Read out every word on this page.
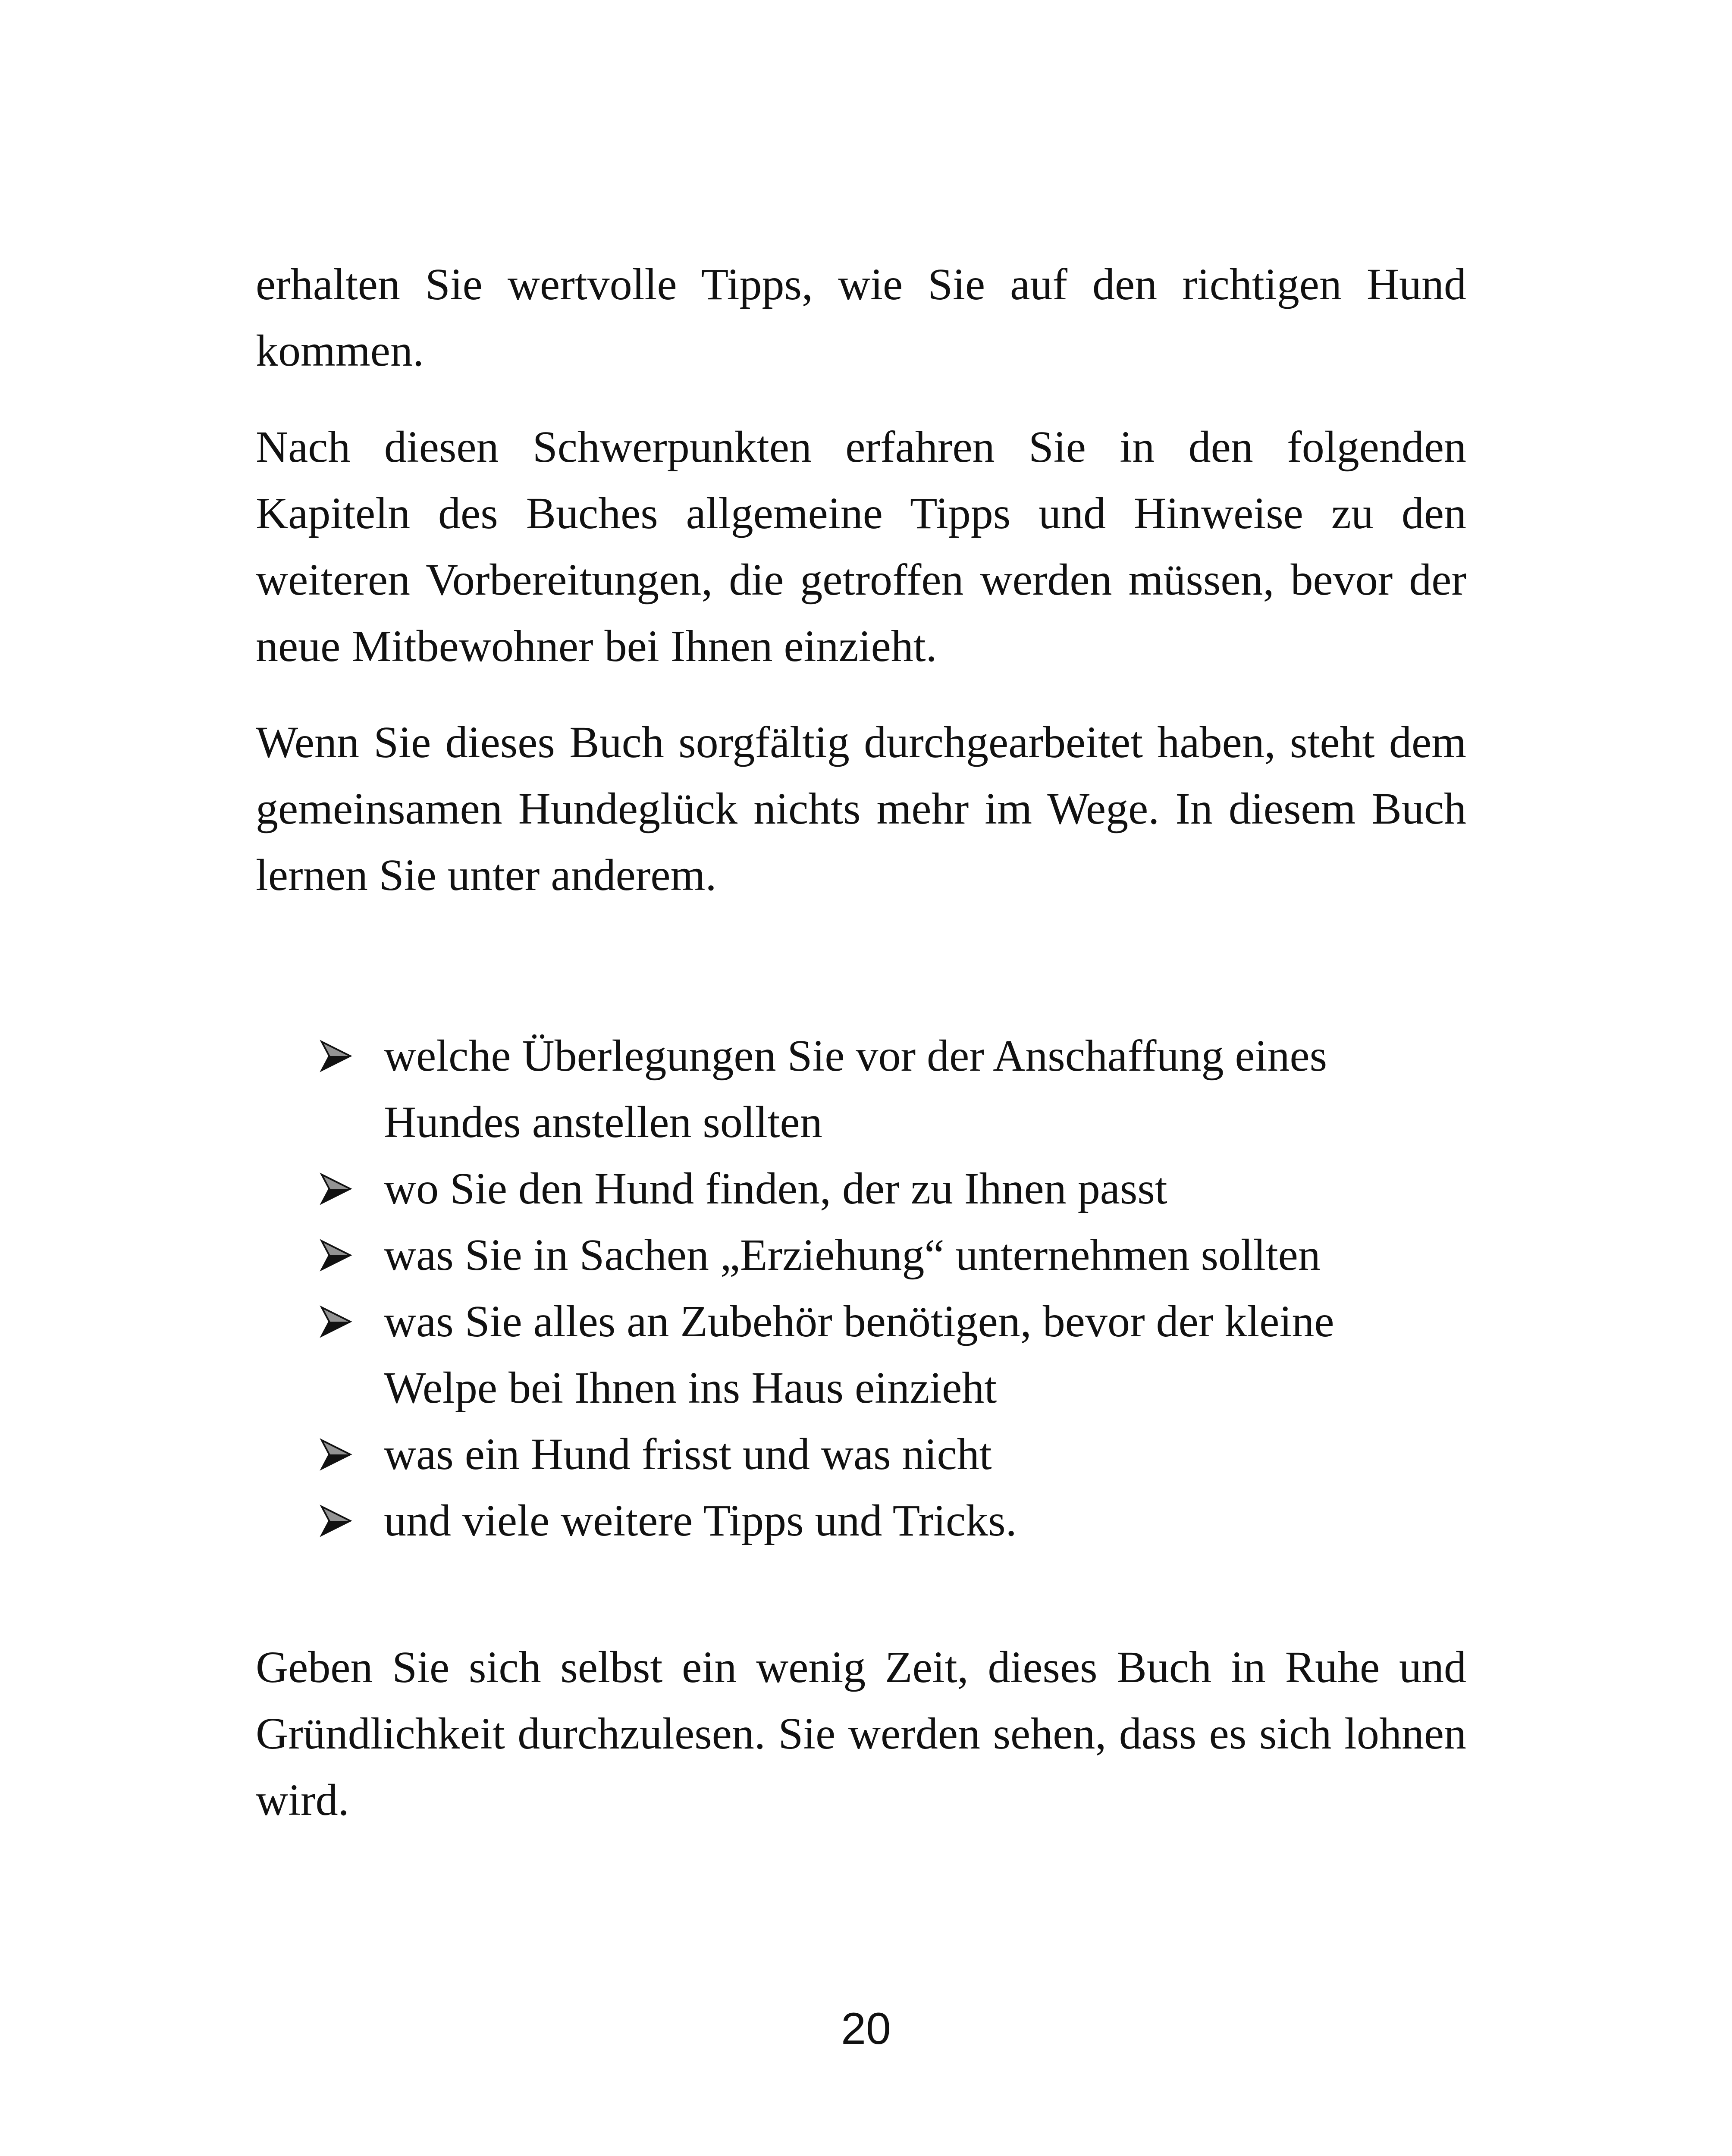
erhalten Sie wertvolle Tipps, wie Sie auf den richtigen Hund kommen.

Nach diesen Schwerpunkten erfahren Sie in den folgenden Kapiteln des Buches allgemeine Tipps und Hinweise zu den weiteren Vorbereitungen, die getroffen werden müssen, bevor der neue Mitbewohner bei Ihnen einzieht.

Wenn Sie dieses Buch sorgfältig durchgearbeitet haben, steht dem gemeinsamen Hundeglück nichts mehr im Wege. In diesem Buch lernen Sie unter anderem.

welche Überlegungen Sie vor der Anschaffung eines Hundes anstellen sollten
wo Sie den Hund finden, der zu Ihnen passt
was Sie in Sachen „Erziehung“ unternehmen sollten
was Sie alles an Zubehör benötigen, bevor der kleine Welpe bei Ihnen ins Haus einzieht
was ein Hund frisst und was nicht
und viele weitere Tipps und Tricks.

Geben Sie sich selbst ein wenig Zeit, dieses Buch in Ruhe und Gründlichkeit durchzulesen. Sie werden sehen, dass es sich lohnen wird.

20
